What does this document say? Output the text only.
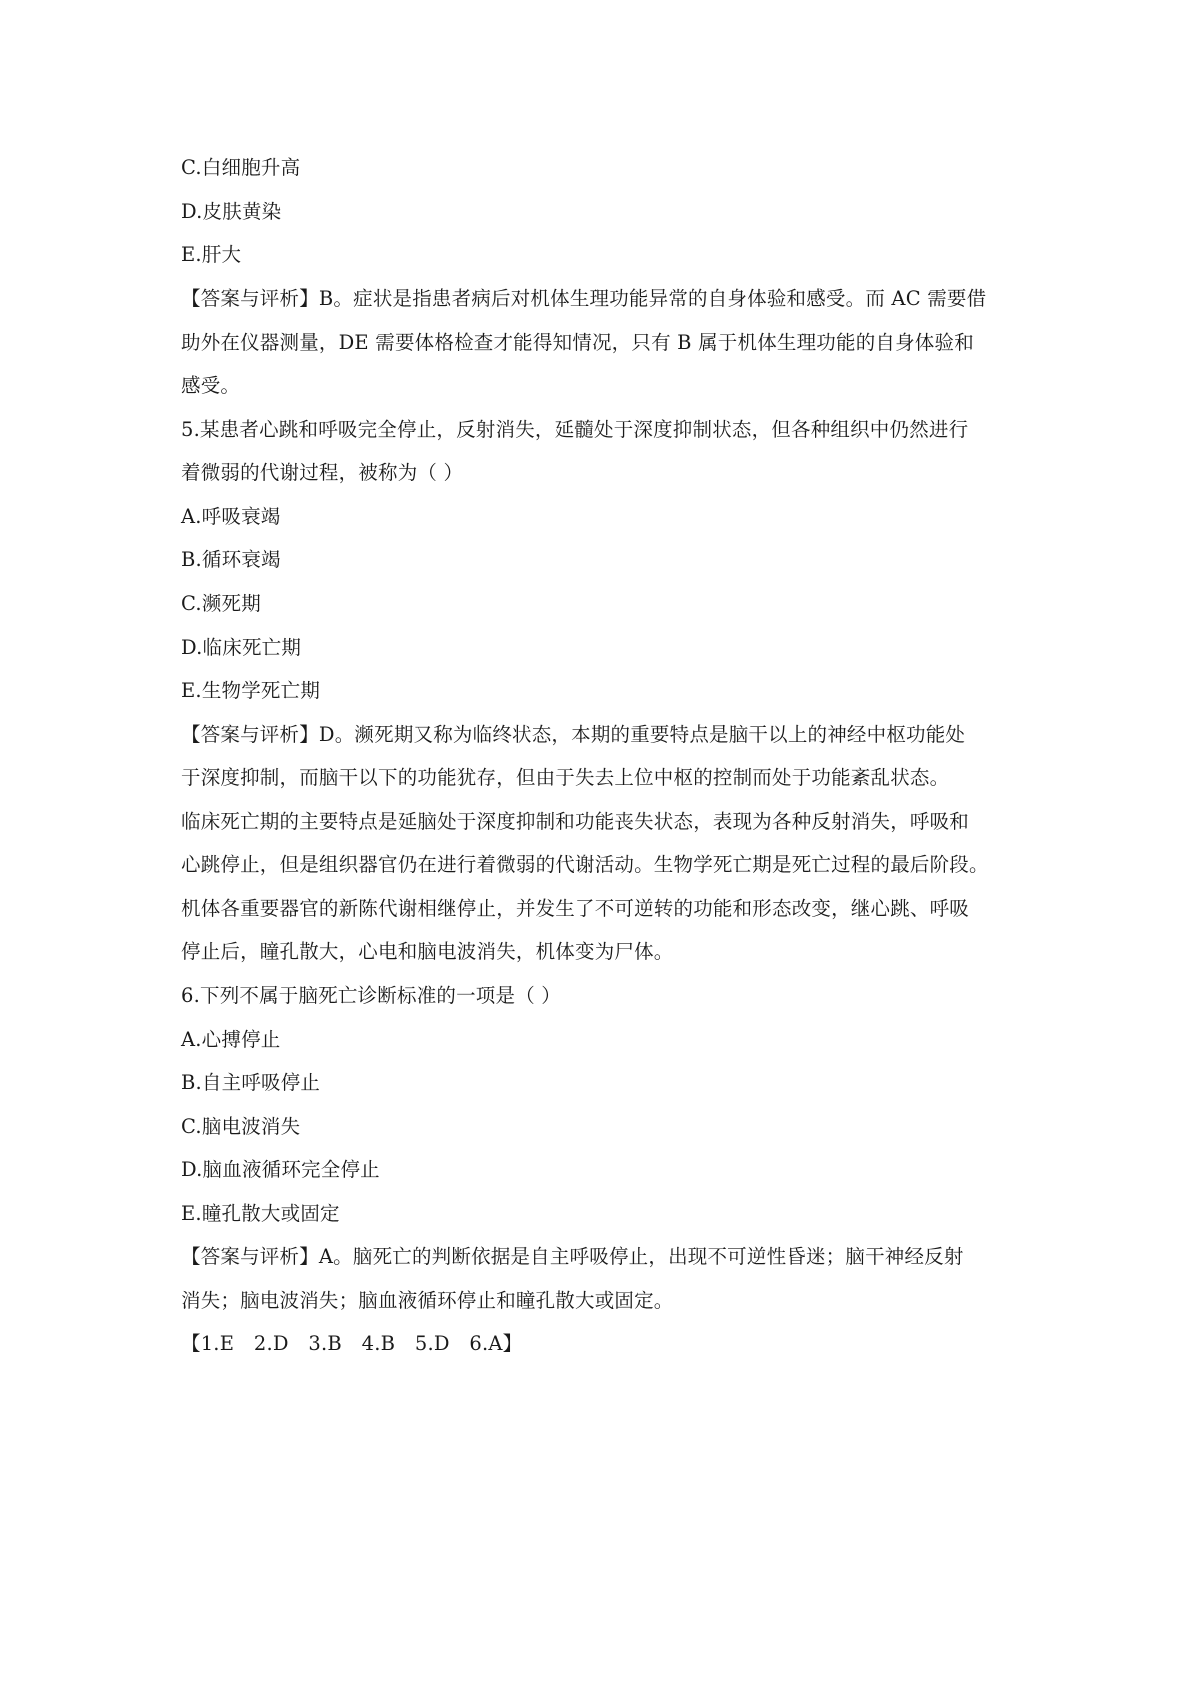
C.白细胞升高
D.皮肤黄染
E.肝大
【答案与评析】B。症状是指患者病后对机体生理功能异常的自身体验和感受。而 AC 需要借
助外在仪器测量，DE 需要体格检查才能得知情况，只有 B 属于机体生理功能的自身体验和
感受。
5.某患者心跳和呼吸完全停止，反射消失，延髓处于深度抑制状态，但各种组织中仍然进行
着微弱的代谢过程，被称为（ ）
A.呼吸衰竭
B.循环衰竭
C.濒死期
D.临床死亡期
E.生物学死亡期
【答案与评析】D。濒死期又称为临终状态，本期的重要特点是脑干以上的神经中枢功能处
于深度抑制，而脑干以下的功能犹存，但由于失去上位中枢的控制而处于功能紊乱状态。
临床死亡期的主要特点是延脑处于深度抑制和功能丧失状态，表现为各种反射消失，呼吸和
心跳停止，但是组织器官仍在进行着微弱的代谢活动。生物学死亡期是死亡过程的最后阶段。
机体各重要器官的新陈代谢相继停止，并发生了不可逆转的功能和形态改变，继心跳、呼吸
停止后，瞳孔散大，心电和脑电波消失，机体变为尸体。
6.下列不属于脑死亡诊断标准的一项是（ ）
A.心搏停止
B.自主呼吸停止
C.脑电波消失
D.脑血液循环完全停止
E.瞳孔散大或固定
【答案与评析】A。脑死亡的判断依据是自主呼吸停止，出现不可逆性昏迷；脑干神经反射
消失；脑电波消失；脑血液循环停止和瞳孔散大或固定。
【1.E　2.D　3.B　4.B　5.D　6.A】
